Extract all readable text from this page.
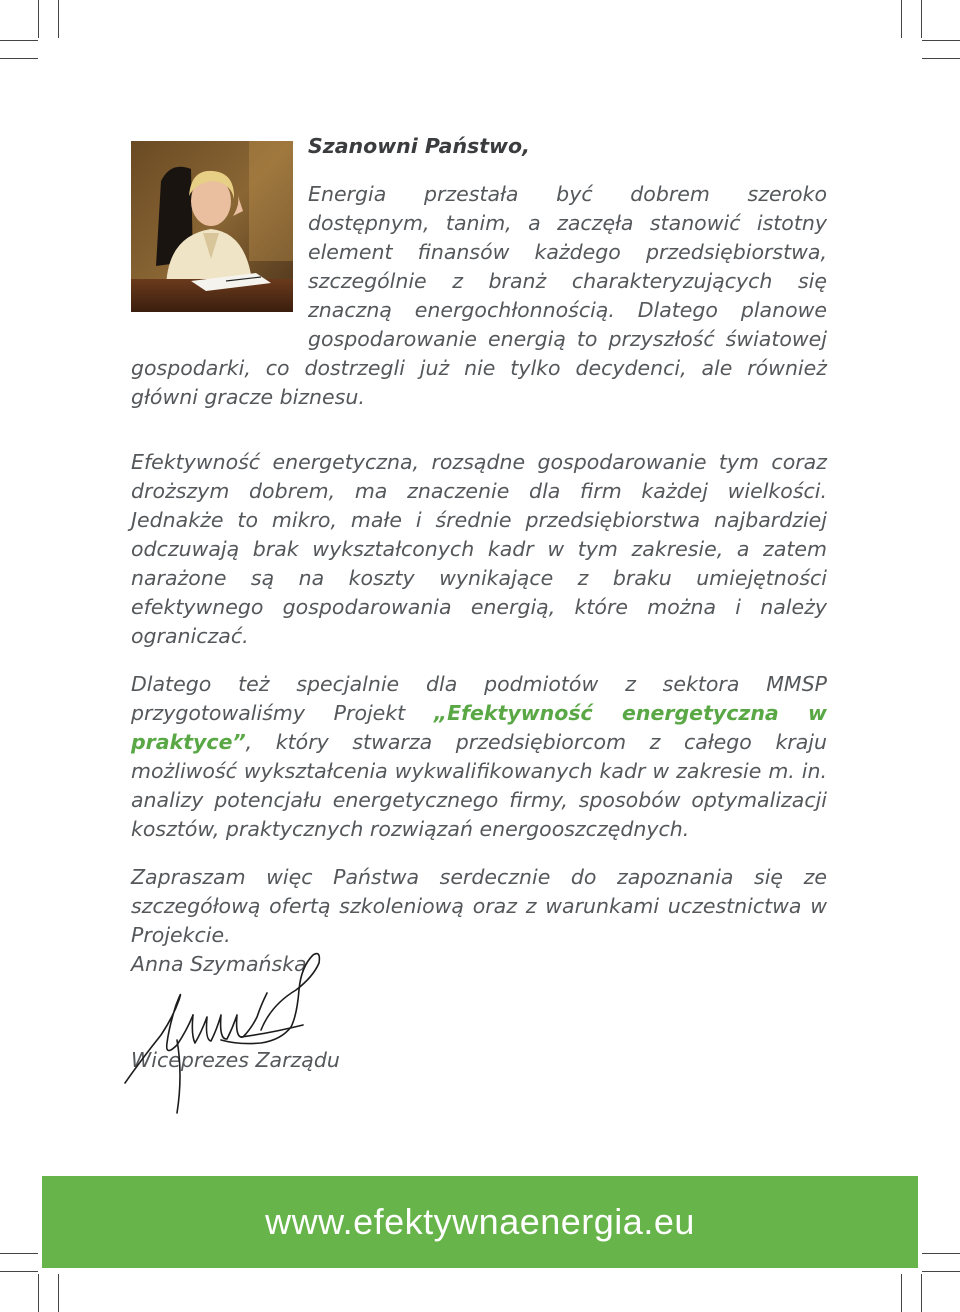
Szanowni Państwo,

Energia przestała być dobrem szeroko dostępnym, tanim, a zaczęła stanowić istotny element finansów każdego przedsiębiorstwa, szczególnie z branż charakteryzujących się znaczną energochłonnością. Dlatego planowe gospodarowanie energią to przyszłość światowej gospodarki, co dostrzegli już nie tylko decydenci, ale również główni gracze biznesu.

Efektywność energetyczna, rozsądne gospodarowanie tym coraz droższym dobrem, ma znaczenie dla firm każdej wielkości. Jednakże to mikro, małe i średnie przedsiębiorstwa najbardziej odczuwają brak wykształconych kadr w tym zakresie, a zatem narażone są na koszty wynikające z braku umiejętności efektywnego gospodarowania energią, które można i należy ograniczać.

Dlatego też specjalnie dla podmiotów z sektora MMSP przygotowaliśmy Projekt „Efektywność energetyczna w praktyce”, który stwarza przedsiębiorcom z całego kraju możliwość wykształcenia wykwalifikowanych kadr w zakresie m. in. analizy potencjału energetycznego firmy, sposobów optymalizacji kosztów, praktycznych rozwiązań energooszczędnych.

Zapraszam więc Państwa serdecznie do zapoznania się ze szczegółową ofertą szkoleniową oraz z warunkami uczestnictwa w Projekcie.

Anna Szymańska
Wiceprezes Zarządu
www.efektywnaenergia.eu
